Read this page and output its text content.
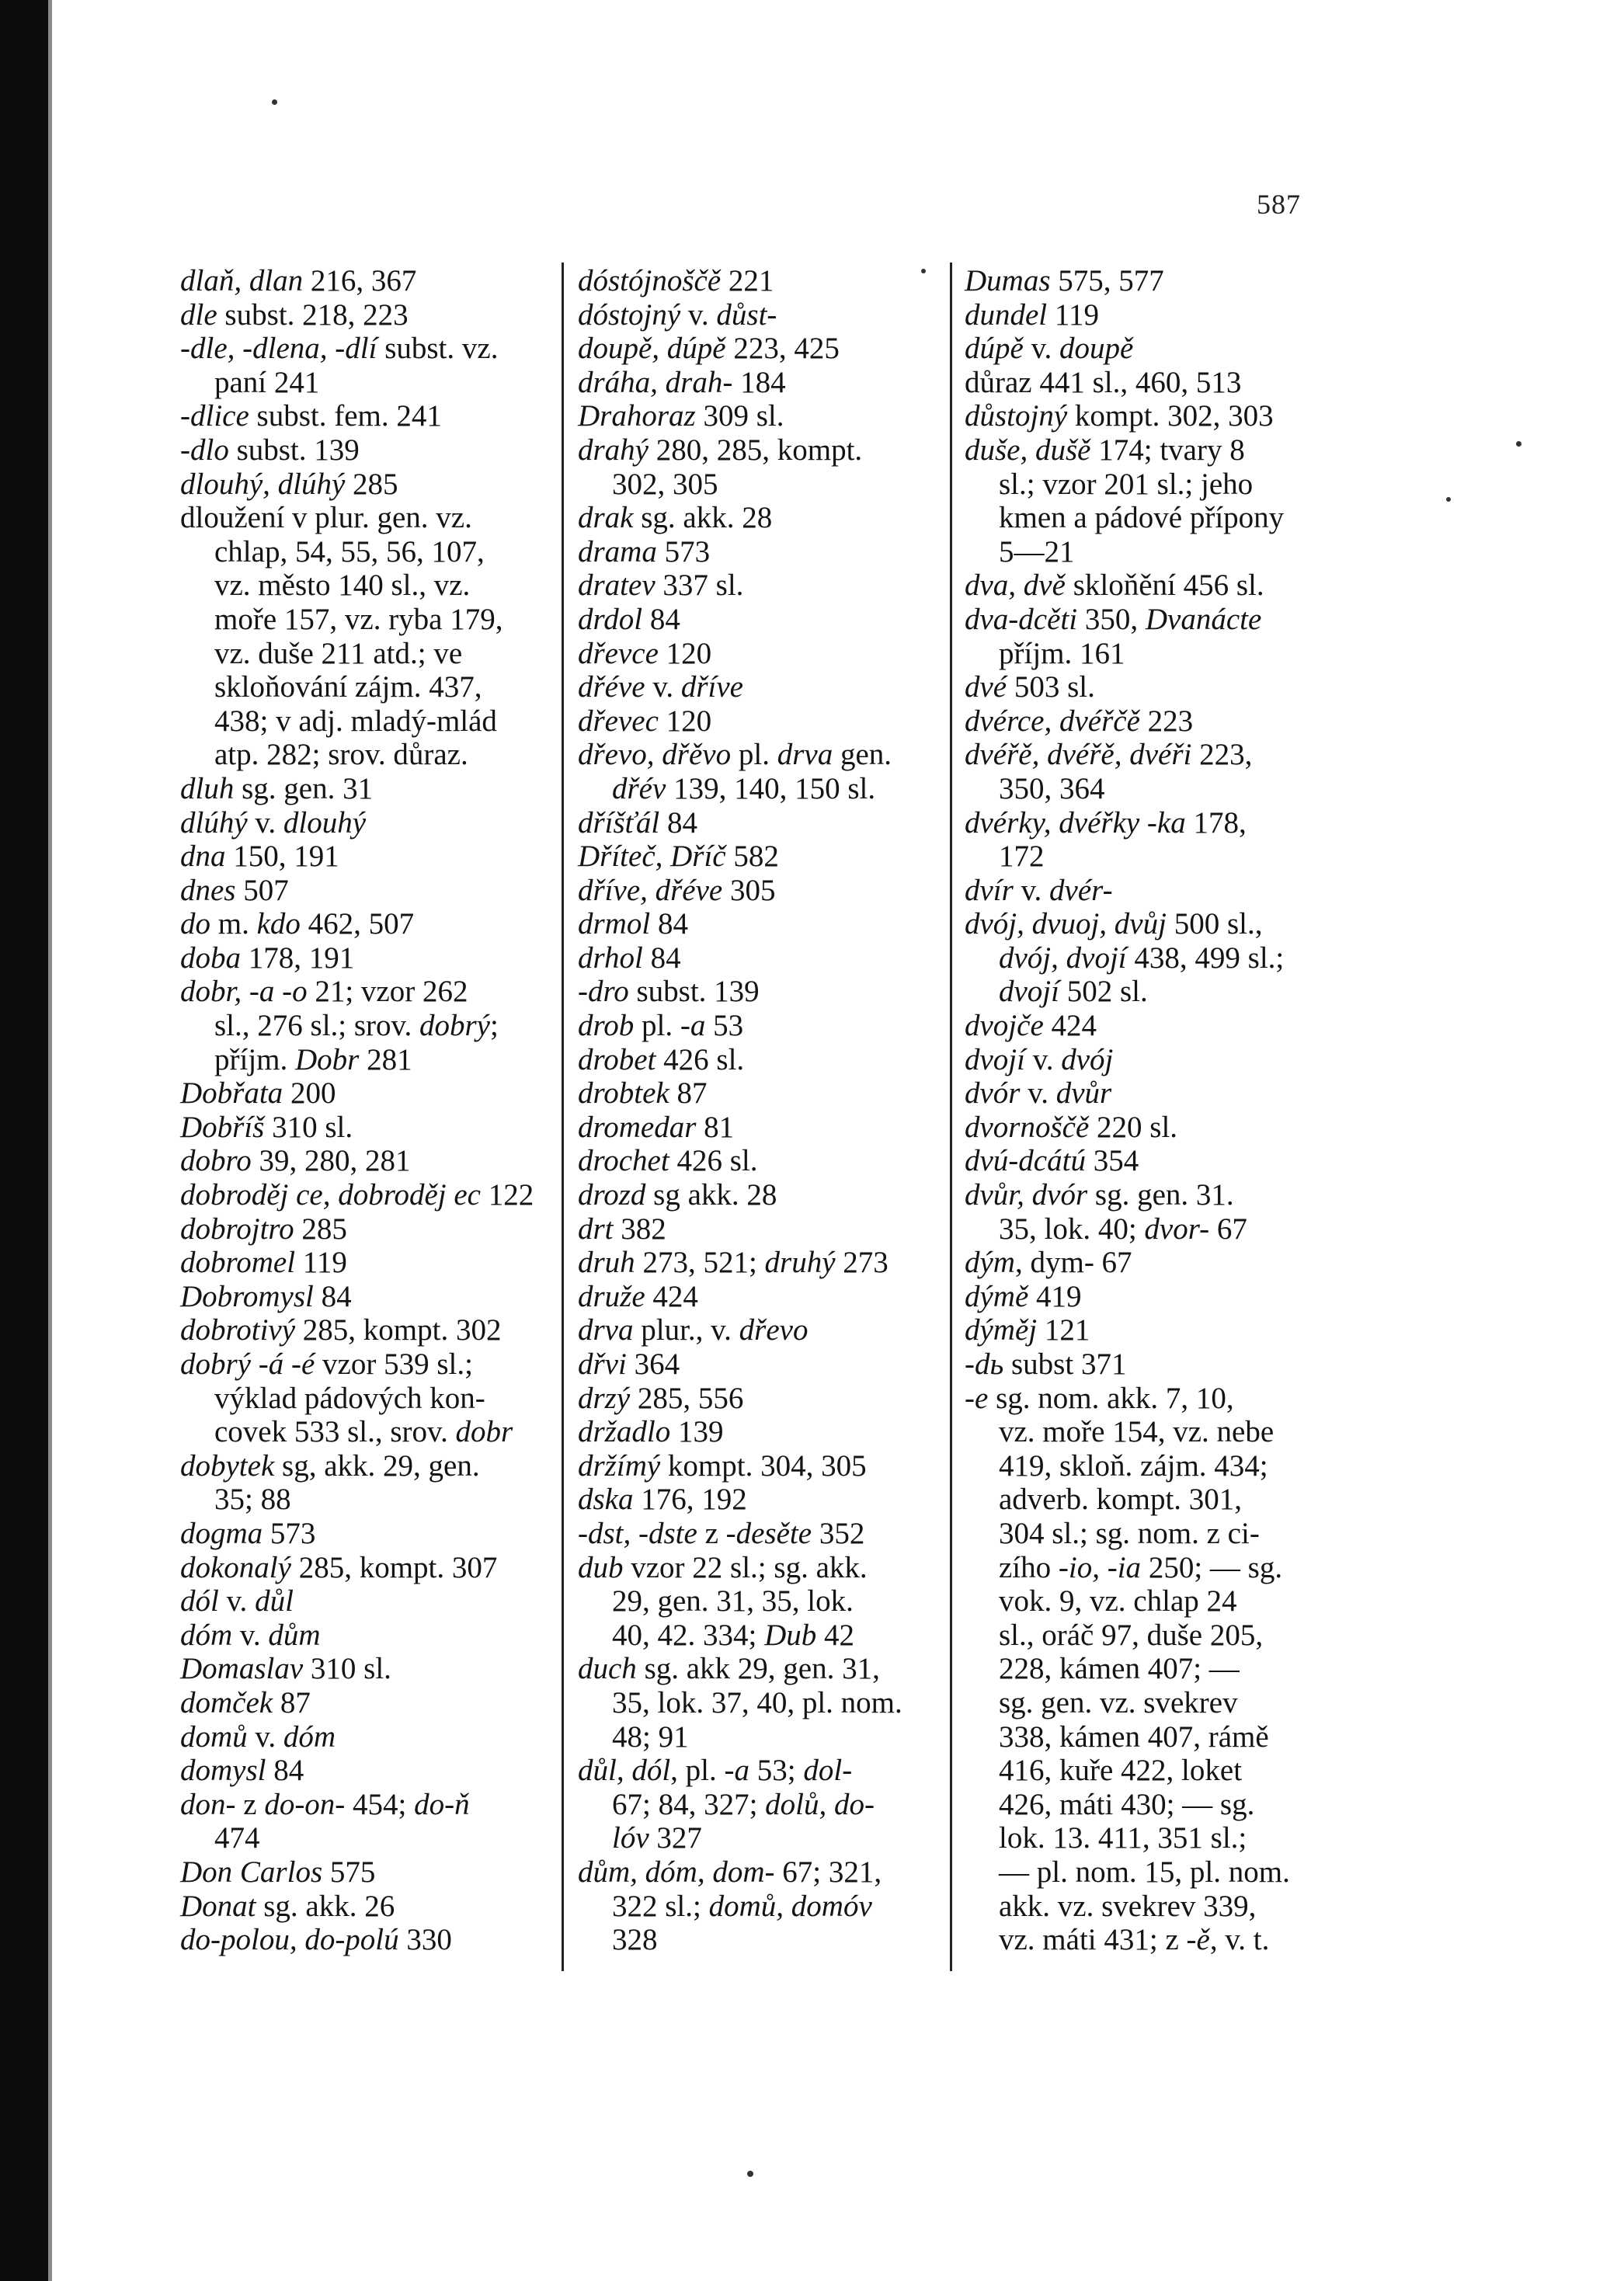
587
dlaň, dlan 216, 367
dle subst. 218, 223
-dle, -dlena, -dlí subst. vz.
paní 241
-dlice subst. fem. 241
-dlo subst. 139
dlouhý, dlúhý 285
dloužení v plur. gen. vz.
chlap, 54, 55, 56, 107,
vz. město 140 sl., vz.
moře 157, vz. ryba 179,
vz. duše 211 atd.; ve
skloňování zájm. 437,
438; v adj. mladý-mlád
atp. 282; srov. důraz.
dluh sg. gen. 31
dlúhý v. dlouhý
dna 150, 191
dnes 507
do m. kdo 462, 507
doba 178, 191
dobr, -a -o 21; vzor 262
sl., 276 sl.; srov. dobrý;
příjm. Dobr 281
Dobřata 200
Dobříš 310 sl.
dobro 39, 280, 281
dobroděj ce, dobroděj ec 122
dobrojtro 285
dobromel 119
Dobromysl 84
dobrotivý 285, kompt. 302
dobrý -á -é vzor 539 sl.;
výklad pádových kon-
covek 533 sl., srov. dobr
dobytek sg, akk. 29, gen.
35; 88
dogma 573
dokonalý 285, kompt. 307
dól v. důl
dóm v. dům
Domaslav 310 sl.
domček 87
domů v. dóm
domysl 84
don- z do-on- 454; do-ň
474
Don Carlos 575
Donat sg. akk. 26
do-polou, do-polú 330
dóstójnoščě 221
dóstojný v. důst-
doupě, dúpě 223, 425
dráha, drah- 184
Drahoraz 309 sl.
drahý 280, 285, kompt.
302, 305
drak sg. akk. 28
drama 573
dratev 337 sl.
drdol 84
dřevce 120
dřéve v. dříve
dřevec 120
dřevo, dřěvo pl. drva gen.
dřév 139, 140, 150 sl.
dříšťál 84
Dříteč, Dříč 582
dříve, dřéve 305
drmol 84
drhol 84
-dro subst. 139
drob pl. -a 53
drobet 426 sl.
drobtek 87
dromedar 81
drochet 426 sl.
drozd sg akk. 28
drt 382
druh 273, 521; druhý 273
druže 424
drva plur., v. dřevo
dřvi 364
drzý 285, 556
držadlo 139
držímý kompt. 304, 305
dska 176, 192
-dst, -dste z -desěte 352
dub vzor 22 sl.; sg. akk.
29, gen. 31, 35, lok.
40, 42. 334; Dub 42
duch sg. akk 29, gen. 31,
35, lok. 37, 40, pl. nom.
48; 91
důl, dól, pl. -a 53; dol-
67; 84, 327; dolů, do-
lóv 327
dům, dóm, dom- 67; 321,
322 sl.; domů, domóv
328
Dumas 575, 577
dundel 119
dúpě v. doupě
důraz 441 sl., 460, 513
důstojný kompt. 302, 303
duše, dušě 174; tvary 8
sl.; vzor 201 sl.; jeho
kmen a pádové přípony
5—21
dva, dvě skloňění 456 sl.
dva-dcěti 350, Dvanácte
příjm. 161
dvé 503 sl.
dvérce, dvéřčě 223
dvéřě, dvéřě, dvéři 223,
350, 364
dvérky, dvéřky -ka 178,
172
dvír v. dvér-
dvój, dvuoj, dvůj 500 sl.,
dvój, dvojí 438, 499 sl.;
dvojí 502 sl.
dvojče 424
dvojí v. dvój
dvór v. dvůr
dvornoščě 220 sl.
dvú-dcátú 354
dvůr, dvór sg. gen. 31.
35, lok. 40; dvor- 67
dým, dym- 67
dýmě 419
dýměj 121
-dь subst 371
-e sg. nom. akk. 7, 10,
vz. moře 154, vz. nebe
419, skloň. zájm. 434;
adverb. kompt. 301,
304 sl.; sg. nom. z ci-
zího -io, -ia 250; — sg.
vok. 9, vz. chlap 24
sl., oráč 97, duše 205,
228, kámen 407; —
sg. gen. vz. svekrev
338, kámen 407, rámě
416, kuře 422, loket
426, máti 430; — sg.
lok. 13. 411, 351 sl.;
— pl. nom. 15, pl. nom.
akk. vz. svekrev 339,
vz. máti 431; z -ě, v. t.
